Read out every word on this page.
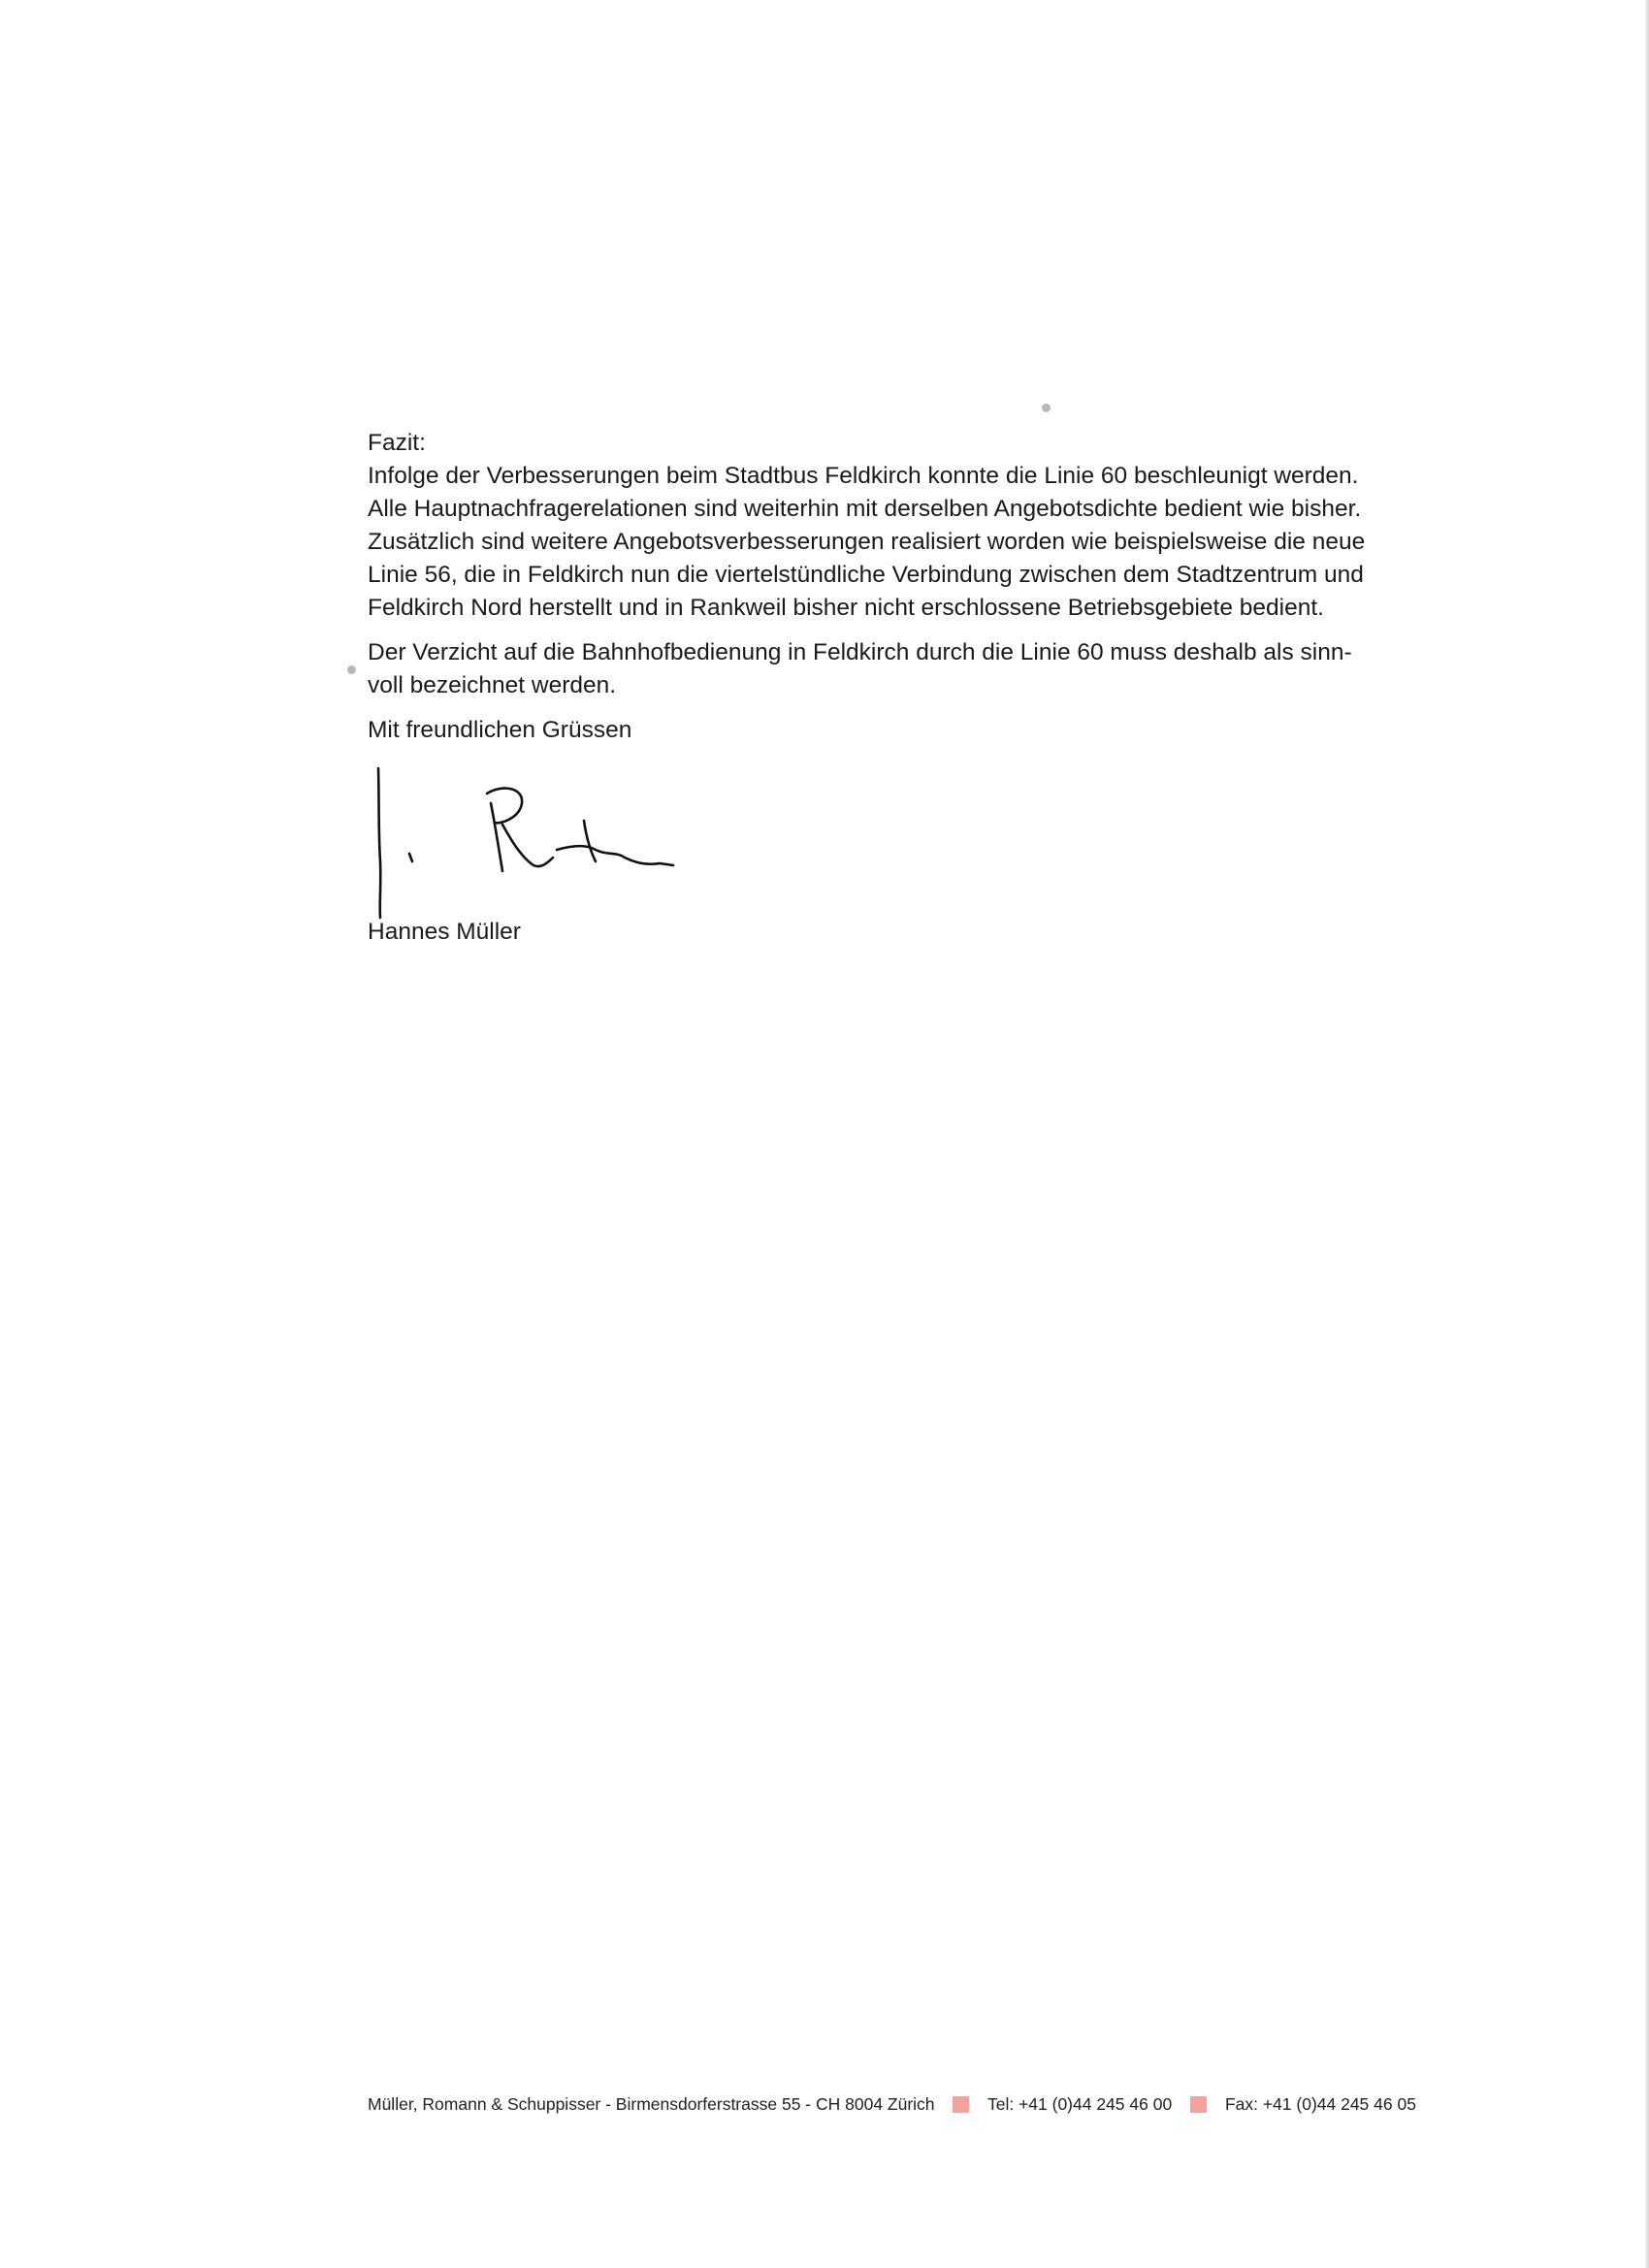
Fazit:
Infolge der Verbesserungen beim Stadtbus Feldkirch konnte die Linie 60 beschleunigt werden.
Alle Hauptnachfragerelationen sind weiterhin mit derselben Angebotsdichte bedient wie bisher.
Zusätzlich sind weitere Angebotsverbesserungen realisiert worden wie beispielsweise die neue
Linie 56, die in Feldkirch nun die viertelstündliche Verbindung zwischen dem Stadtzentrum und
Feldkirch Nord herstellt und in Rankweil bisher nicht erschlossene Betriebsgebiete bedient.
Der Verzicht auf die Bahnhofbedienung in Feldkirch durch die Linie 60 muss deshalb als sinn-
voll bezeichnet werden.
Mit freundlichen Grüssen
Hannes Müller
Müller, Romann & Schuppisser - Birmensdorferstrasse 55 - CH 8004 Zürich	Tel: +41 (0)44 245 46 00	Fax: +41 (0)44 245 46 05
